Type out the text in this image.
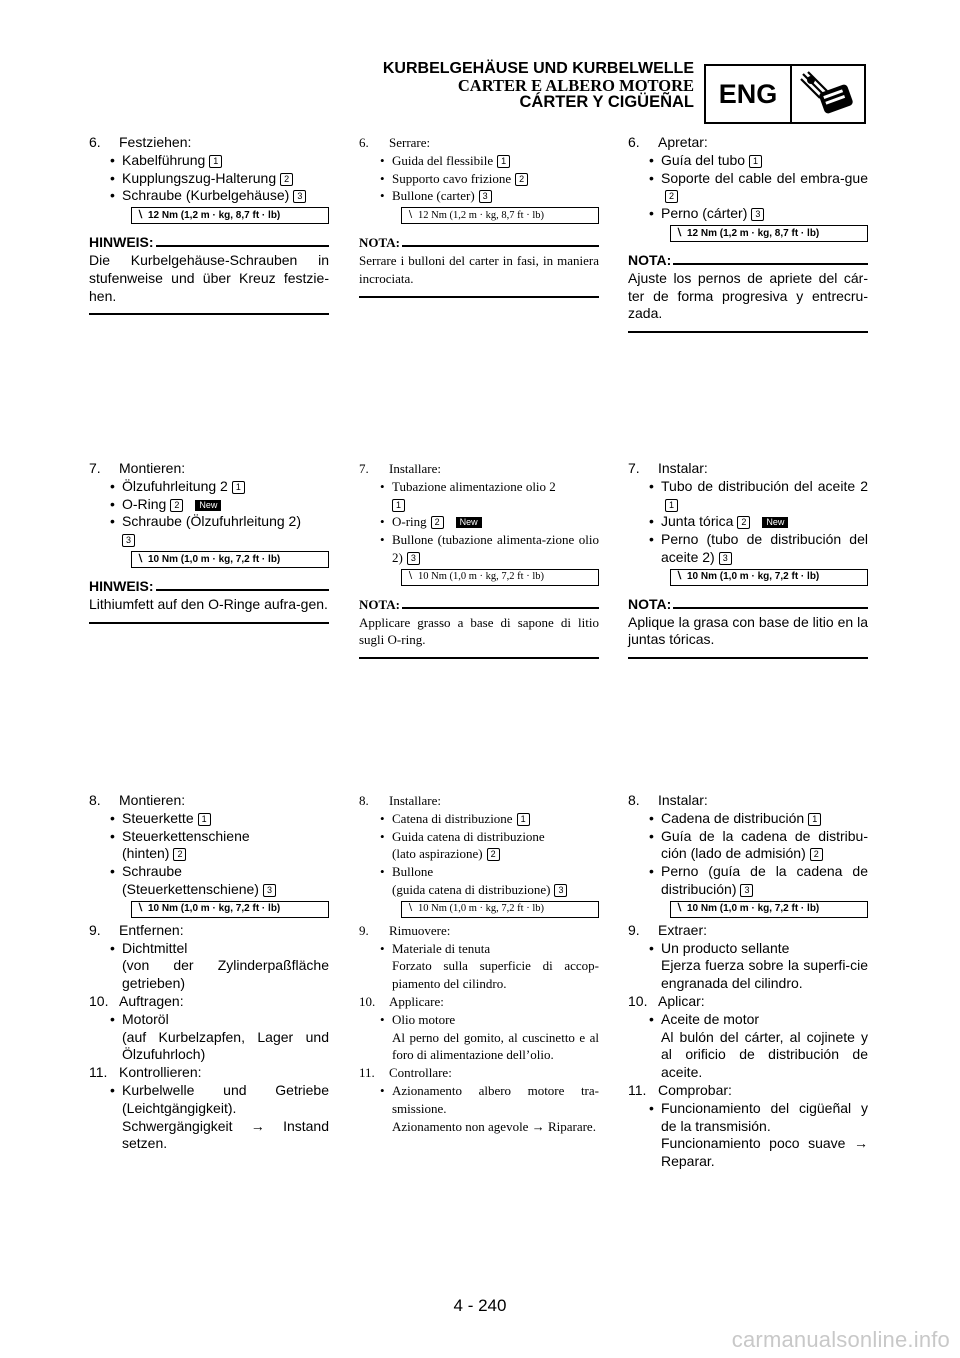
KURBELGEHÄUSE UND KURBELWELLE
CARTER E ALBERO MOTORE
CÁRTER Y CIGÜEÑAL ENG
6.	Festziehen:
• Kabelführung 1
• Kupplungszug-Halterung 2
• Schraube (Kurbelgehäuse) 3
∖ 12 Nm (1,2 m · kg, 8,7 ft · lb)
HINWEIS:
Die Kurbelgehäuse-Schrauben in stufenweise und über Kreuz festzie-hen.
6.	Serrare:
• Guida del flessibile 1
• Supporto cavo frizione 2
• Bullone (carter) 3
∖ 12 Nm (1,2 m · kg, 8,7 ft · lb)
NOTA:
Serrare i bulloni del carter in fasi, in maniera incrociata.
6.	Apretar:
• Guía del tubo 1
• Soporte del cable del embra-gue2
• Perno (cárter) 3
∖ 12 Nm (1,2 m · kg, 8,7 ft · lb)
NOTA:
Ajuste los pernos de apriete del cár-ter de forma progresiva y entrecru-zada.
7.	Montieren:
• Ölzufuhrleitung 2 1
• O-Ring 2 New
• Schraube (Ölzufuhrleitung 2)
3
∖ 10 Nm (1,0 m · kg, 7,2 ft · lb)
HINWEIS:
Lithiumfett auf den O-Ringe aufra-gen.
7.	Installare:
• Tubazione alimentazione olio 2
1
• O-ring 2 New
• Bullone (tubazione alimenta-zione olio 2) 3
∖ 10 Nm (1,0 m · kg, 7,2 ft · lb)
NOTA:
Applicare grasso a base di sapone di litio sugli O-ring.
7.	Instalar:
• Tubo de distribución del aceite 21
• Junta tórica 2 New
• Perno (tubo de distribución del aceite 2) 3
∖ 10 Nm (1,0 m · kg, 7,2 ft · lb)
NOTA:
Aplique la grasa con base de litio en la juntas tóricas.
8.	Montieren:
• Steuerkette 1
• Steuerkettenschiene
(hinten) 2
• Schraube
(Steuerkettenschiene) 3
∖ 10 Nm (1,0 m · kg, 7,2 ft · lb)
9.	Entfernen:
• Dichtmittel
(von der Zylinderpaßfläche getrieben)
10. Auftragen:
• Motoröl
(auf Kurbelzapfen, Lager und Ölzufuhrloch)
11. Kontrollieren:
• Kurbelwelle und Getriebe (Leichtgängigkeit).
Schwergängigkeit → Instand setzen.
8.	Installare:
• Catena di distribuzione 1
• Guida catena di distribuzione
(lato aspirazione) 2
• Bullone
(guida catena di distribuzione) 3
∖ 10 Nm (1,0 m · kg, 7,2 ft · lb)
9.	Rimuovere:
• Materiale di tenuta
Forzato sulla superficie di accop-piamento del cilindro.
10.	Applicare:
• Olio motore
Al perno del gomito, al cuscinetto e al foro di alimentazione dell’olio.
11.	Controllare:
• Azionamento albero motore tra-smissione.
Azionamento non agevole → Riparare.
8.	Instalar:
• Cadena de distribución 1
• Guía de la cadena de distribu-ción (lado de admisión) 2
• Perno (guía de la cadena de distribución) 3
∖ 10 Nm (1,0 m · kg, 7,2 ft · lb)
9.	Extraer:
• Un producto sellante
Ejerza fuerza sobre la superfi-cie engranada del cilindro.
10. Aplicar:
• Aceite de motor
Al bulón del cárter, al cojinete y al orificio de distribución de aceite.
11. Comprobar:
• Funcionamiento del cigüeñal y de la transmisión.
Funcionamiento poco suave → Reparar.
4 - 240
carmanualsonline.info
